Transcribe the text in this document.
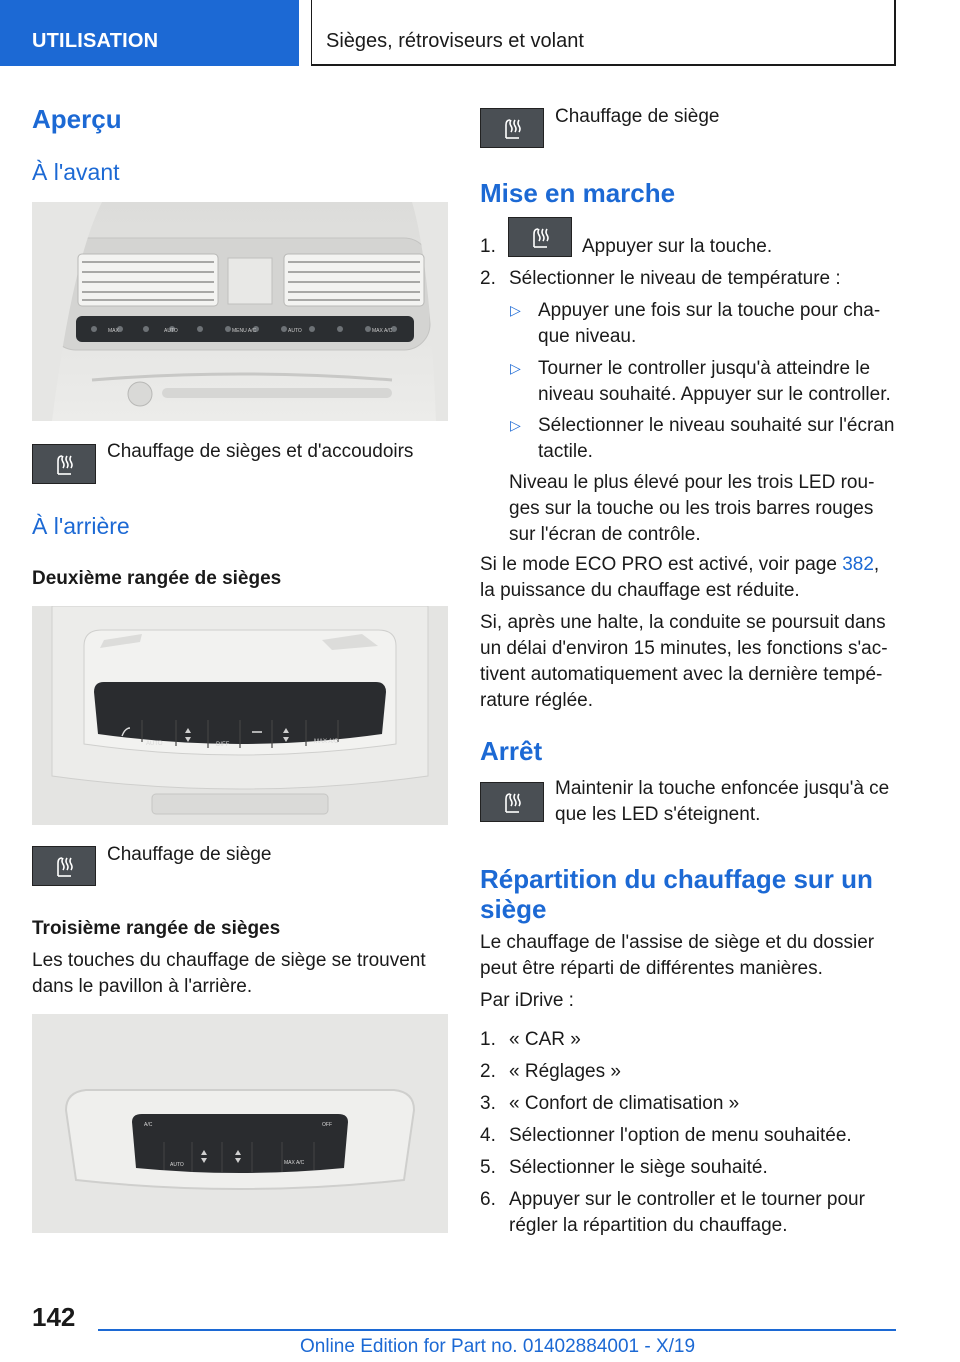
UTILISATION	Sièges, rétroviseurs et volant
Aperçu
À l'avant
MAX	AUTO	MENU A/C	AUTO	MAX A/C
Chauffage de sièges et d'accoudoirs
À l'arrière
Deuxième rangée de sièges
AUTO	DIFF	MAX A/C
Chauffage de siège
Troisième rangée de sièges
Les touches du chauffage de siège se trouvent
dans le pavillon à l'arrière.
A/C	OFF
AUTO	MAX A/C
Chauffage de siège
Mise en marche
1.	Appuyer sur la touche.
2. Sélectionner le niveau de température :
▷ Appuyer une fois sur la touche pour cha-
que niveau.
▷ Tourner le controller jusqu'à atteindre le
niveau souhaité. Appuyer sur le controller.
▷ Sélectionner le niveau souhaité sur l'écran
tactile.
Niveau le plus élevé pour les trois LED rou-
ges sur la touche ou les trois barres rouges
sur l'écran de contrôle.
Si le mode ECO PRO est activé, voir page 382,
la puissance du chauffage est réduite.
Si, après une halte, la conduite se poursuit dans
un délai d'environ 15 minutes, les fonctions s'ac-
tivent automatiquement avec la dernière tempé-
rature réglée.
Arrêt
Maintenir la touche enfoncée jusqu'à ce
que les LED s'éteignent.
Répartition du chauffage sur un
siège
Le chauffage de l'assise de siège et du dossier
peut être réparti de différentes manières.
Par iDrive :
1. « CAR »
2. « Réglages »
3. « Confort de climatisation »
4. Sélectionner l'option de menu souhaitée.
5. Sélectionner le siège souhaité.
6. Appuyer sur le controller et le tourner pour
régler la répartition du chauffage.
142
Online Edition for Part no. 01402884001 - X/19
